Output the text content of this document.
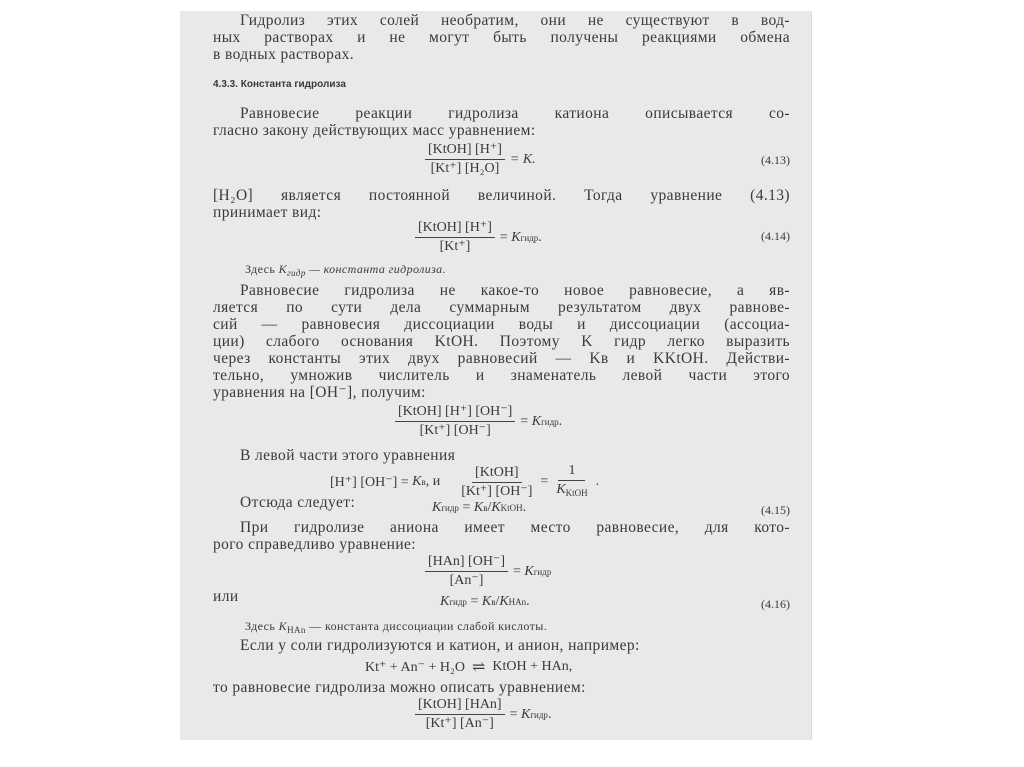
Гидролиз этих солей необратим, они не существуют в вод-
ных растворах и не могут быть получены реакциями обмена
в водных растворах.
4.3.3. Константа гидролиза
Равновесие реакции гидролиза катиона описывается со-
гласно закону действующих масс уравнением:
$\frac{\text{[KtOH] [H⁺]}}{\text{[Kt⁺] [H₂O]}} = K$.	(4.13)
[H₂O] является постоянной величиной. Тогда уравнение (4.13)
принимает вид:
$\frac{\text{[KtOH] [H⁺]}}{[Kt^+]}$ =
K гидр .	(4.14)
Здесь $K_{гидр}$ — константа гидролиза.
Равновесие гидролиза не какое-то новое равновесие, а яв-
ляется по сути дела суммарным результатом двух равнове-
сий — равновесия диссоциации воды и диссоциации (ассоциа-
ции) слабого основания KtOH. Поэтому K гидр легко выразить
через константы этих двух равновесий — Kв и KKtOH. Действи-
тельно, умножив числитель и знаменатель левой части этого
уравнения на [OH⁻], получим:
$\frac{\text{[KtOH] [H⁺] [OH⁻]}}{[Kt^+] [OH^-]}$ =
K гидр .
В левой части этого уравнения
[H⁺] [OH⁻] =
K в , и $\frac{\text{[KtOH]}}{[Kt^+] [OH^-]} = \frac{1}{K_{KtOH}}$ .
Отсюда следует:	K гидр
=
K в / K KtOH .	(4.15)
При гидролизе аниона имеет место равновесие, для кото-
рого справедливо уравнение:
$\frac{\text{[HAn] [OH⁻]}}{[An^-]}$ =
K гидр
или	K гидр
=
K в / K HAn .	(4.16)
Здесь $K_{HAn}$ — константа диссоциации слабой кислоты.
Если у соли гидролизуются и катион, и анион, например:
Kt⁺ + An⁻ + H₂O
⇌
KtOH + HAn,
то равновесие гидролиза можно описать уравнением:
$\frac{\text{[KtOH] [HAn]}}{[Kt^+] [An^-]}$ =
K гидр .
